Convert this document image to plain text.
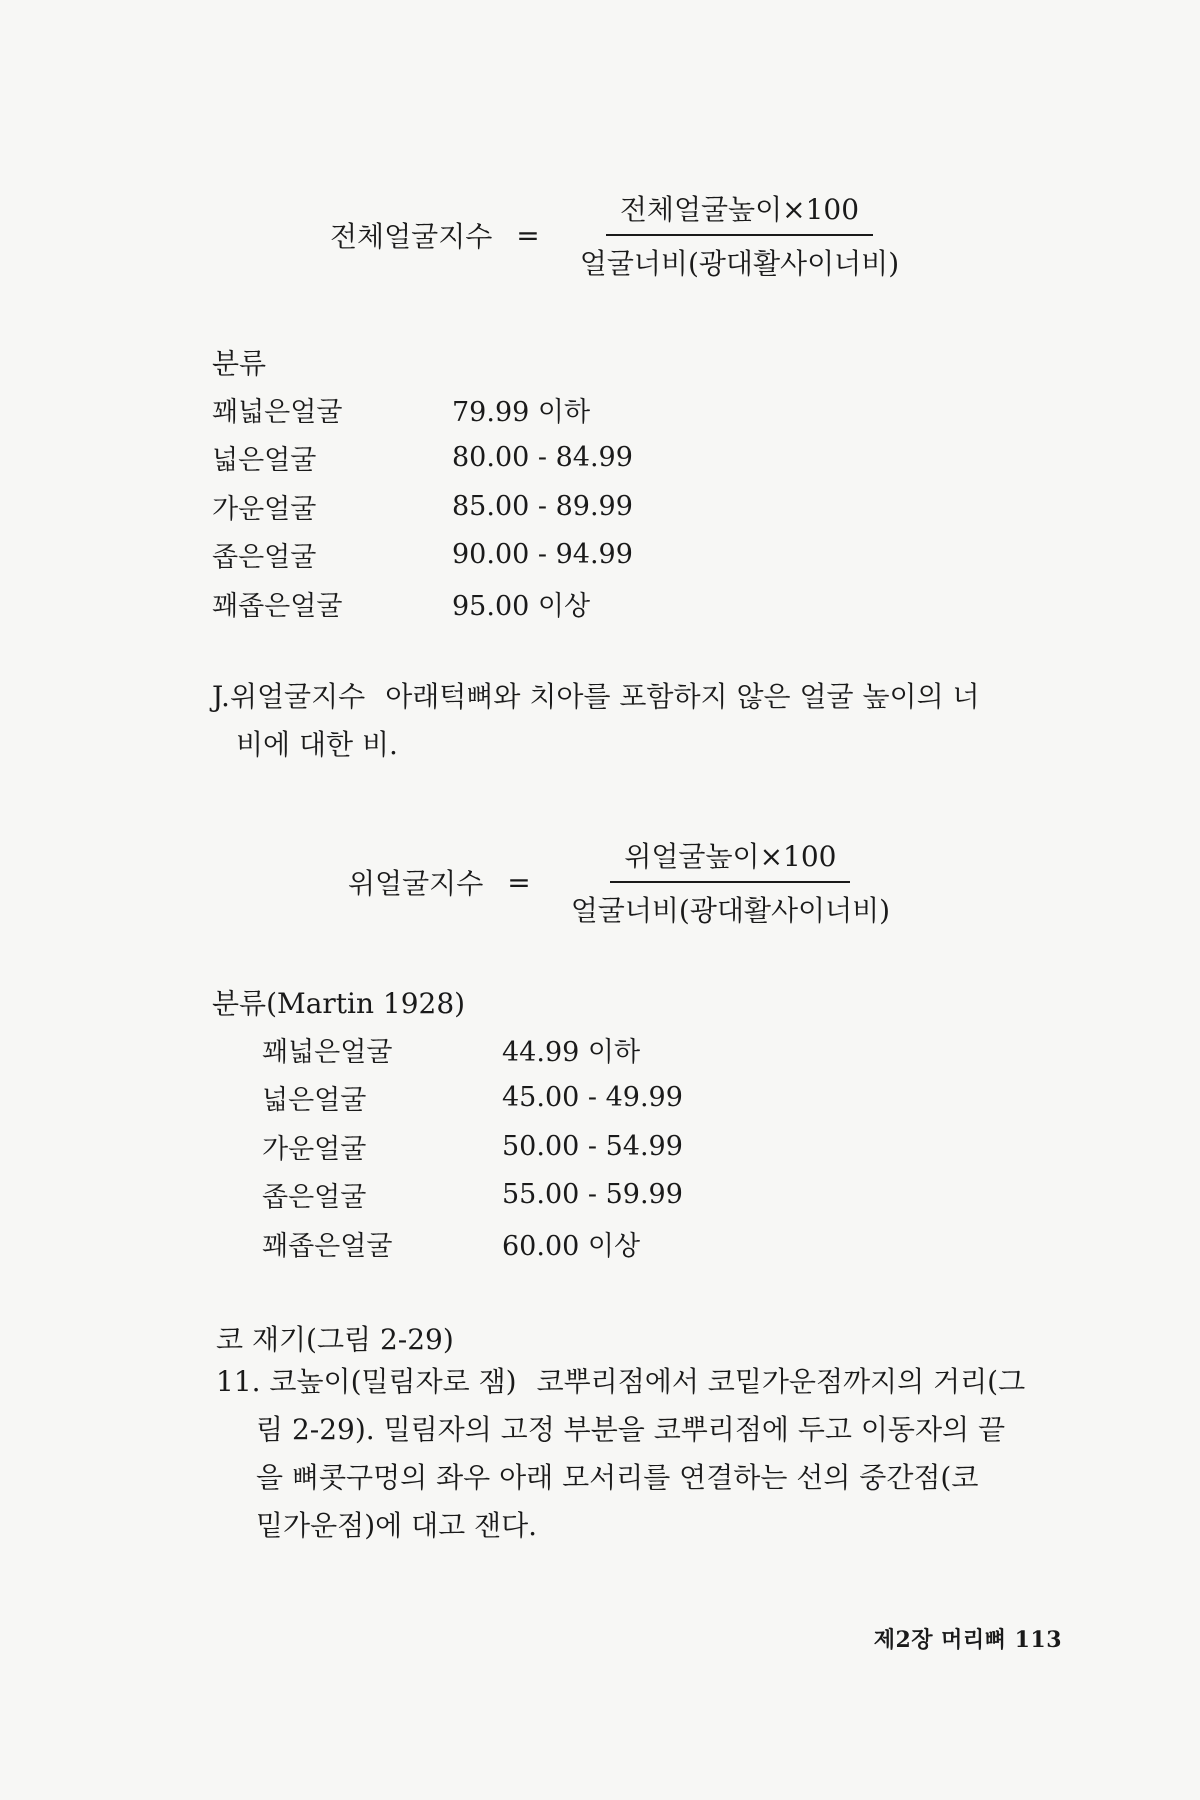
전체얼굴지수 = $\frac{\text{전체얼굴높이×100}}{\text{얼굴너비(광대활사이너비)}}$
분류
꽤넓은얼굴	79.99 이하
넓은얼굴	80.00 - 84.99
가운얼굴	85.00 - 89.99
좁은얼굴	90.00 - 94.99
꽤좁은얼굴	95.00 이상
J.위얼굴지수 아래턱뼈와 치아를 포함하지 않은 얼굴 높이의 너
비에 대한 비.
위얼굴지수 = $\frac{\text{위얼굴높이×100}}{\text{얼굴너비(광대활사이너비)}}$
분류(Martin 1928)
꽤넓은얼굴	44.99 이하
넓은얼굴	45.00 - 49.99
가운얼굴	50.00 - 54.99
좁은얼굴	55.00 - 59.99
꽤좁은얼굴	60.00 이상
코 재기(그림 2-29)
11. 코높이(밀림자로 잼) 코뿌리점에서 코밑가운점까지의 거리(그
림 2-29). 밀림자의 고정 부분을 코뿌리점에 두고 이동자의 끝
을 뼈콧구멍의 좌우 아래 모서리를 연결하는 선의 중간점(코
밑가운점)에 대고 잰다.
제2장 머리뼈 113
